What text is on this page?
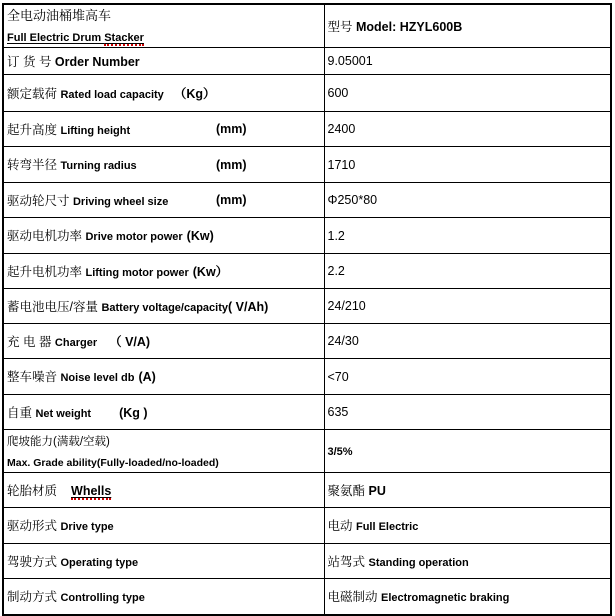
全电动油桶堆高车
Full Electric Drum Stacker	型号 Model: HZYL600B
订 货 号 Order Number	9.05001
额定载荷 Rated load capacity （Kg）	600
起升高度 Lifting height (mm)	2400
转弯半径 Turning radius (mm)	1710
驱动轮尺寸 Driving wheel size (mm)	Φ250*80
驱动电机功率 Drive motor power (Kw)	1.2
起升电机功率 Lifting motor power (Kw）	2.2
蓄电池电压/容量 Battery voltage/capacity( V/Ah)	24/210
充 电 器 Charger （ V/A)	24/30
整车噪音 Noise level db (A)	<70
自重 Net weight (Kg )	635
爬坡能力(满载/空载)
Max. Grade ability(Fully-loaded/no-loaded)	3/5%
轮胎材质 Whells	聚氨酯 PU
驱动形式 Drive type	电动 Full Electric
驾驶方式 Operating type	站驾式 Standing operation
制动方式 Controlling type	电磁制动 Electromagnetic braking
